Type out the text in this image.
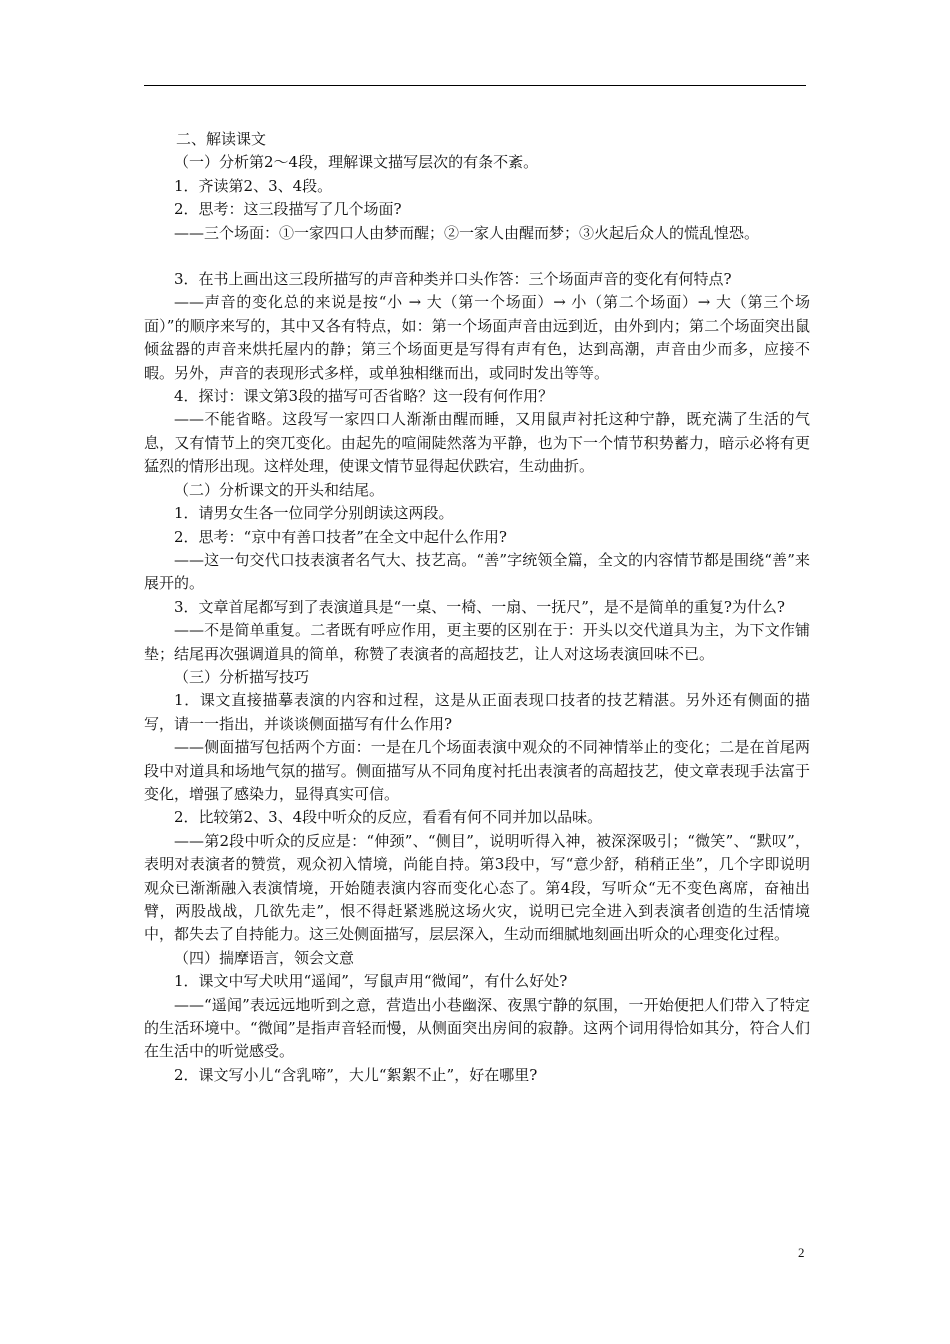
二、解读课文

（一）分析第2～4段，理解课文描写层次的有条不紊。

1．齐读第2、3、4段。

2．思考：这三段描写了几个场面?

——三个场面：①一家四口人由梦而醒；②一家人由醒而梦；③火起后众人的慌乱惶恐。

3．在书上画出这三段所描写的声音种类并口头作答：三个场面声音的变化有何特点?

——声音的变化总的来说是按“小 → 大（第一个场面）→ 小（第二个场面）→ 大（第三个场面）”的顺序来写的，其中又各有特点，如：第一个场面声音由远到近，由外到内；第二个场面突出鼠倾盆器的声音来烘托屋内的静；第三个场面更是写得有声有色，达到高潮，声音由少而多，应接不暇。另外，声音的表现形式多样，或单独相继而出，或同时发出等等。

4．探讨：课文第3段的描写可否省略？这一段有何作用？

——不能省略。这段写一家四口人渐渐由醒而睡，又用鼠声衬托这种宁静，既充满了生活的气息，又有情节上的突兀变化。由起先的喧闹陡然落为平静，也为下一个情节积势蓄力，暗示必将有更猛烈的情形出现。这样处理，使课文情节显得起伏跌宕，生动曲折。

（二）分析课文的开头和结尾。

1．请男女生各一位同学分别朗读这两段。

2．思考：“京中有善口技者”在全文中起什么作用?

——这一句交代口技表演者名气大、技艺高。“善”字统领全篇，全文的内容情节都是围绕“善”来展开的。

3．文章首尾都写到了表演道具是“一桌、一椅、一扇、一抚尺”，是不是简单的重复?为什么?

——不是简单重复。二者既有呼应作用，更主要的区别在于：开头以交代道具为主，为下文作铺垫；结尾再次强调道具的简单，称赞了表演者的高超技艺，让人对这场表演回味不已。

（三）分析描写技巧

1．课文直接描摹表演的内容和过程，这是从正面表现口技者的技艺精湛。另外还有侧面的描写，请一一指出，并谈谈侧面描写有什么作用?

——侧面描写包括两个方面：一是在几个场面表演中观众的不同神情举止的变化；二是在首尾两段中对道具和场地气氛的描写。侧面描写从不同角度衬托出表演者的高超技艺，使文章表现手法富于变化，增强了感染力，显得真实可信。

2．比较第2、3、4段中听众的反应，看看有何不同并加以品味。

——第2段中听众的反应是：“伸颈”、“侧目”，说明听得入神，被深深吸引；“微笑”、“默叹”，表明对表演者的赞赏，观众初入情境，尚能自持。第3段中，写“意少舒，稍稍正坐”，几个字即说明观众已渐渐融入表演情境，开始随表演内容而变化心态了。第4段，写听众“无不变色离席，奋袖出臂，两股战战，几欲先走”，恨不得赶紧逃脱这场火灾，说明已完全进入到表演者创造的生活情境中，都失去了自持能力。这三处侧面描写，层层深入，生动而细腻地刻画出听众的心理变化过程。

（四）揣摩语言，领会文意

1．课文中写犬吠用“遥闻”，写鼠声用“微闻”，有什么好处?

——“遥闻”表远远地听到之意，营造出小巷幽深、夜黑宁静的氛围，一开始便把人们带入了特定的生活环境中。“微闻”是指声音轻而慢，从侧面突出房间的寂静。这两个词用得恰如其分，符合人们在生活中的听觉感受。

2．课文写小儿“含乳啼”，大儿“絮絮不止”，好在哪里?

2
